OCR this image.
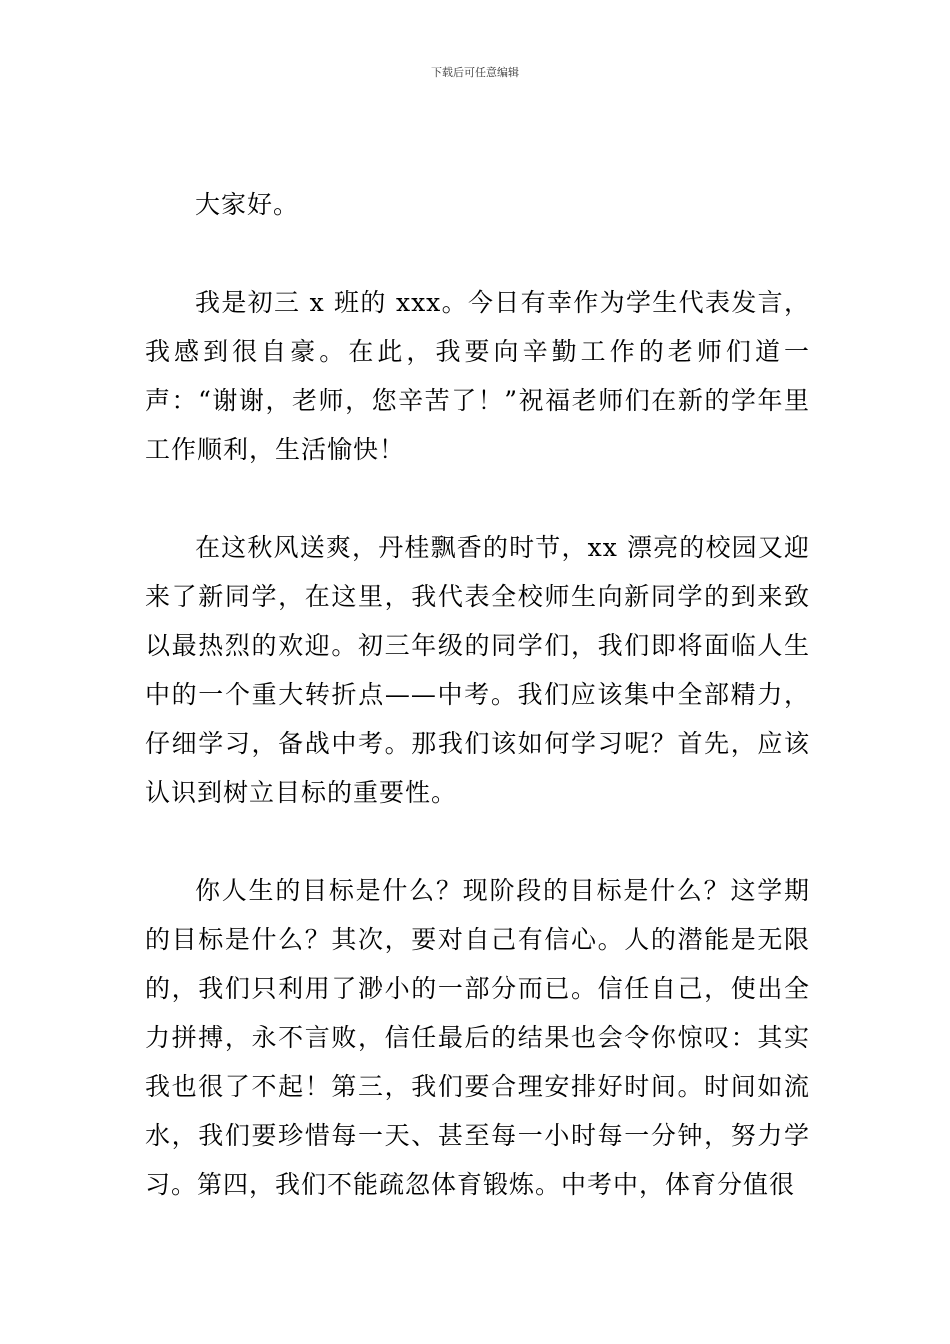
下载后可任意编辑

大家好。

我是初三 x 班的 xxx。今日有幸作为学生代表发言，我感到很自豪。在此，我要向辛勤工作的老师们道一声：“谢谢，老师，您辛苦了！”祝福老师们在新的学年里工作顺利，生活愉快！

在这秋风送爽，丹桂飘香的时节，xx 漂亮的校园又迎来了新同学，在这里，我代表全校师生向新同学的到来致以最热烈的欢迎。初三年级的同学们，我们即将面临人生中的一个重大转折点——中考。我们应该集中全部精力，仔细学习，备战中考。那我们该如何学习呢？首先，应该认识到树立目标的重要性。

你人生的目标是什么？现阶段的目标是什么？这学期的目标是什么？其次，要对自己有信心。人的潜能是无限的，我们只利用了渺小的一部分而已。信任自己，使出全力拼搏，永不言败，信任最后的结果也会令你惊叹：其实我也很了不起！第三，我们要合理安排好时间。时间如流水，我们要珍惜每一天、甚至每一小时每一分钟，努力学习。第四，我们不能疏忽体育锻炼。中考中，体育分值很
